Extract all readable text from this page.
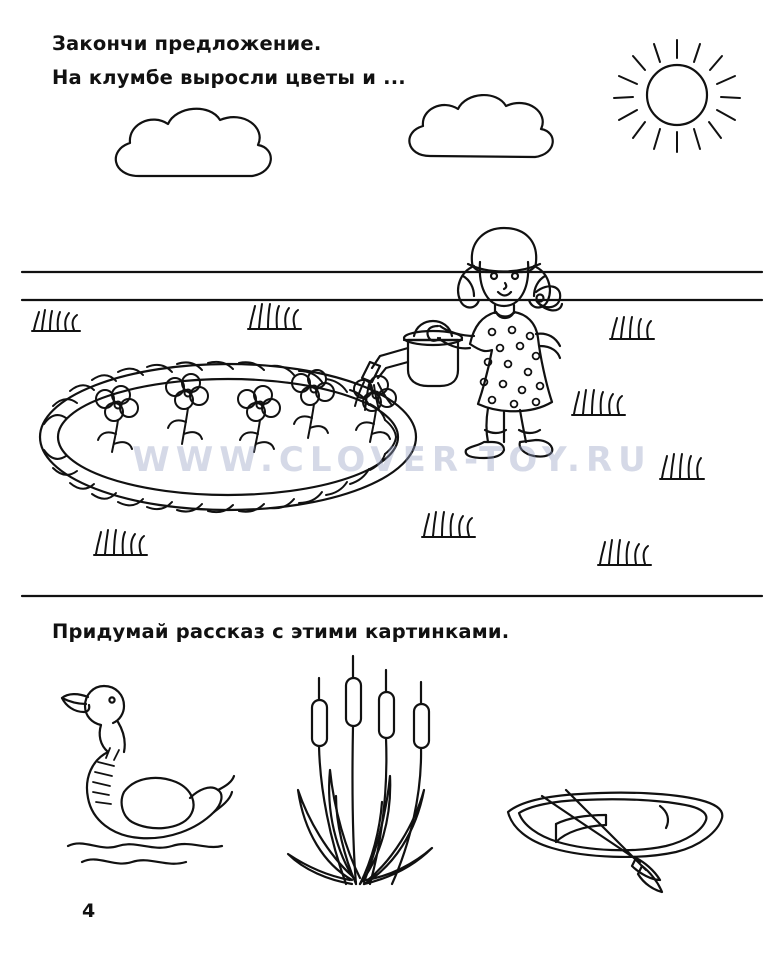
Закончи предложение.
На клумбе выросли цветы и ...
Придумай рассказ с этими картинками.
4
WWW.CLOVER-TOY.RU
